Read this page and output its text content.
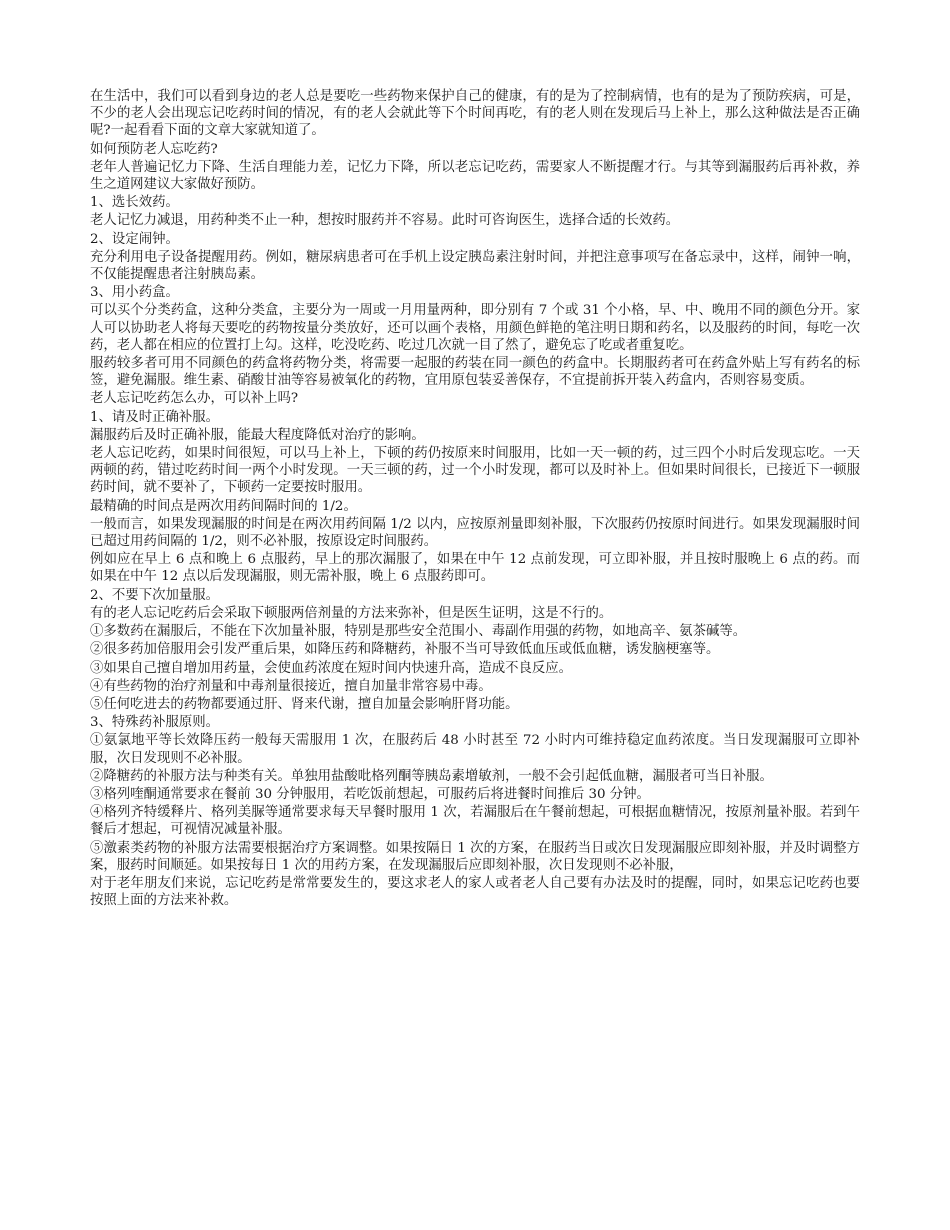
在生活中，我们可以看到身边的老人总是要吃一些药物来保护自己的健康，有的是为了控制病情，也有的是为了预防疾病，可是，不少的老人会出现忘记吃药时间的情况，有的老人会就此等下个时间再吃，有的老人则在发现后马上补上，那么这种做法是否正确呢?一起看看下面的文章大家就知道了。

如何预防老人忘吃药?

老年人普遍记忆力下降、生活自理能力差，记忆力下降，所以老忘记吃药，需要家人不断提醒才行。与其等到漏服药后再补救，养生之道网建议大家做好预防。

1、选长效药。

老人记忆力减退，用药种类不止一种，想按时服药并不容易。此时可咨询医生，选择合适的长效药。

2、设定闹钟。

充分利用电子设备提醒用药。例如，糖尿病患者可在手机上设定胰岛素注射时间，并把注意事项写在备忘录中，这样，闹钟一响，不仅能提醒患者注射胰岛素。

3、用小药盒。

可以买个分类药盒，这种分类盒，主要分为一周或一月用量两种，即分别有 7 个或 31 个小格，早、中、晚用不同的颜色分开。家人可以协助老人将每天要吃的药物按量分类放好，还可以画个表格，用颜色鲜艳的笔注明日期和药名，以及服药的时间，每吃一次药，老人都在相应的位置打上勾。这样，吃没吃药、吃过几次就一目了然了，避免忘了吃或者重复吃。

服药较多者可用不同颜色的药盒将药物分类，将需要一起服的药装在同一颜色的药盒中。长期服药者可在药盒外贴上写有药名的标签，避免漏服。维生素、硝酸甘油等容易被氧化的药物，宜用原包装妥善保存，不宜提前拆开装入药盒内，否则容易变质。

老人忘记吃药怎么办，可以补上吗?

1、请及时正确补服。

漏服药后及时正确补服，能最大程度降低对治疗的影响。

老人忘记吃药，如果时间很短，可以马上补上，下顿的药仍按原来时间服用，比如一天一顿的药，过三四个小时后发现忘吃。一天两顿的药，错过吃药时间一两个小时发现。一天三顿的药，过一个小时发现，都可以及时补上。但如果时间很长，已接近下一顿服药时间，就不要补了，下顿药一定要按时服用。

最精确的时间点是两次用药间隔时间的 1/2。

一般而言，如果发现漏服的时间是在两次用药间隔 1/2 以内，应按原剂量即刻补服，下次服药仍按原时间进行。如果发现漏服时间已超过用药间隔的 1/2，则不必补服，按原设定时间服药。

例如应在早上 6 点和晚上 6 点服药，早上的那次漏服了，如果在中午 12 点前发现，可立即补服，并且按时服晚上 6 点的药。而如果在中午 12 点以后发现漏服，则无需补服，晚上 6 点服药即可。

2、不要下次加量服。

有的老人忘记吃药后会采取下顿服两倍剂量的方法来弥补，但是医生证明，这是不行的。

①多数药在漏服后，不能在下次加量补服，特别是那些安全范围小、毒副作用强的药物，如地高辛、氨茶碱等。

②很多药加倍服用会引发严重后果，如降压药和降糖药，补服不当可导致低血压或低血糖，诱发脑梗塞等。

③如果自己擅自增加用药量，会使血药浓度在短时间内快速升高，造成不良反应。

④有些药物的治疗剂量和中毒剂量很接近，擅自加量非常容易中毒。

⑤任何吃进去的药物都要通过肝、肾来代谢，擅自加量会影响肝肾功能。

3、特殊药补服原则。

①氨氯地平等长效降压药一般每天需服用 1 次，在服药后 48 小时甚至 72 小时内可维持稳定血药浓度。当日发现漏服可立即补服，次日发现则不必补服。

②降糖药的补服方法与种类有关。单独用盐酸吡格列酮等胰岛素增敏剂，一般不会引起低血糖，漏服者可当日补服。

③格列喹酮通常要求在餐前 30 分钟服用，若吃饭前想起，可服药后将进餐时间推后 30 分钟。

④格列齐特缓释片、格列美脲等通常要求每天早餐时服用 1 次，若漏服后在午餐前想起，可根据血糖情况，按原剂量补服。若到午餐后才想起，可视情况减量补服。

⑤激素类药物的补服方法需要根据治疗方案调整。如果按隔日 1 次的方案，在服药当日或次日发现漏服应即刻补服，并及时调整方案，服药时间顺延。如果按每日 1 次的用药方案，在发现漏服后应即刻补服，次日发现则不必补服，

对于老年朋友们来说，忘记吃药是常常要发生的，要这求老人的家人或者老人自己要有办法及时的提醒，同时，如果忘记吃药也要按照上面的方法来补救。
